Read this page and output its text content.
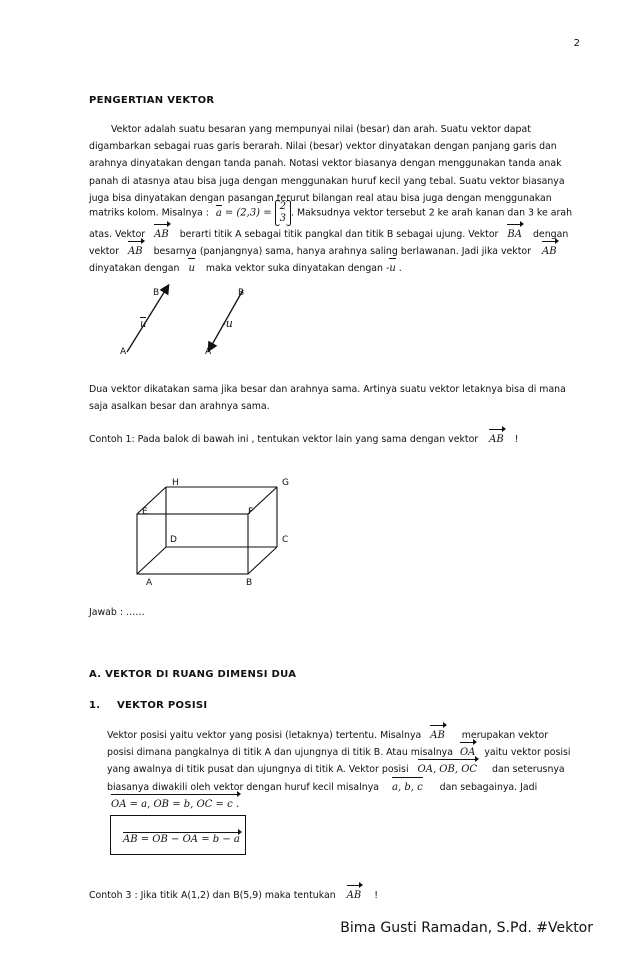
2
PENGERTIAN VEKTOR
Vektor adalah suatu besaran yang mempunyai nilai (besar) dan arah. Suatu vektor dapat
digambarkan sebagai ruas garis berarah. Nilai (besar) vektor dinyatakan dengan panjang garis dan
arahnya dinyatakan dengan tanda panah. Notasi vektor biasanya dengan menggunakan tanda anak
panah di atasnya atau bisa juga dengan menggunakan huruf kecil yang tebal. Suatu vektor biasanya
juga bisa dinyatakan dengan pasangan terurut bilangan real atau bisa juga dengan menggunakan
matriks kolom. Misalnya : a = (2,3) =
2
3 . Maksudnya vektor tersebut 2 ke arah kanan dan 3 ke arah
atas. Vektor AB berarti titik A sebagai titik pangkal dan titik B sebagai ujung. Vektor BA dengan
vektor AB besarnya (panjangnya) sama, hanya arahnya saling berlawanan. Jadi jika vektor AB
dinyatakan dengan u maka vektor suka dinyatakan dengan -u .
A
B
u
A
B
-u
Dua vektor dikatakan sama jika besar dan arahnya sama. Artinya suatu vektor letaknya bisa di mana
saja asalkan besar dan arahnya sama.
Contoh 1: Pada balok di bawah ini , tentukan vektor lain yang sama dengan vektor AB !
A	B
C
D
E	F
G
H
Jawab : ……
A. VEKTOR DI RUANG DIMENSI DUA
1. VEKTOR POSISI
Vektor posisi yaitu vektor yang posisi (letaknya) tertentu. Misalnya AB merupakan vektor
posisi dimana pangkalnya di titik A dan ujungnya di titik B. Atau misalnya OA yaitu vektor posisi
yang awalnya di titik pusat dan ujungnya di titik A. Vektor posisi OA, OB, OC dan seterusnya
biasanya diwakili oleh vektor dengan huruf kecil misalnya a, b, c dan sebagainya. Jadi
OA = a, OB = b, OC = c .
AB = OB − OA = b − a
Contoh 3 : Jika titik A(1,2) dan B(5,9) maka tentukan AB !
Bima Gusti Ramadan, S.Pd. #Vektor
